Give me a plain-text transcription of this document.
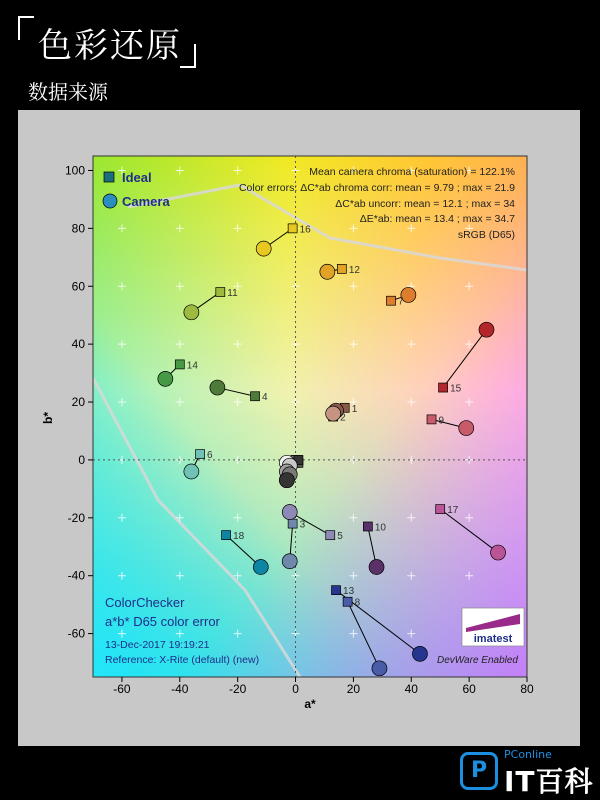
色彩还原
数据来源
-60	-40	-20	0	20	40	60	80
-60
-40
-20
0
20
40
60
80
100
a*
b*
Ideal
Camera
Mean camera chroma (saturation) = 122.1%
Color errors: ΔC*ab chroma corr: mean = 9.79 ; max = 21.9
ΔC*ab uncorr: mean = 12.1 ; max = 34
ΔE*ab: mean = 13.4 ; max = 34.7
sRGB (D65)
ColorChecker
a*b* D65 color error
13-Dec-2017 19:19:21
Reference: X-Rite (default) (new)
imatest
DevWare Enabled
1
2
3
4
5
6
7
8
9
10
11
12
13
14
15
16
17
18
P
PConline
IT百科
